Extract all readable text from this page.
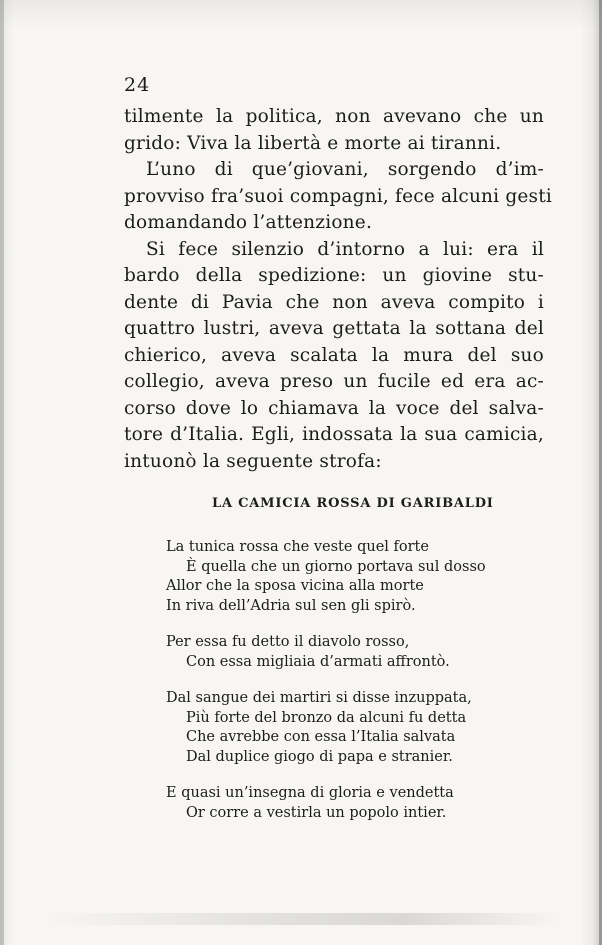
24

tilmente la politica, non avevano che un
grido: Viva la libertà e morte ai tiranni.

L’uno di que’giovani, sorgendo d’im-
provviso fra’suoi compagni, fece alcuni gesti
domandando l’attenzione.

Si fece silenzio d’intorno a lui: era il
bardo della spedizione: un giovine stu-
dente di Pavia che non aveva compito i
quattro lustri, aveva gettata la sottana del
chierico, aveva scalata la mura del suo
collegio, aveva preso un fucile ed era ac-
corso dove lo chiamava la voce del salva-
tore d’Italia. Egli, indossata la sua camicia,
intuonò la seguente strofa:

LA CAMICIA ROSSA DI GARIBALDI
La tunica rossa che veste quel forte
È quella che un giorno portava sul dosso
Allor che la sposa vicina alla morte
In riva dell’Adria sul sen gli spirò.
Per essa fu detto il diavolo rosso,
Con essa migliaia d’armati affrontò.
Dal sangue dei martiri si disse inzuppata,
Più forte del bronzo da alcuni fu detta
Che avrebbe con essa l’Italia salvata
Dal duplice giogo di papa e stranier.
E quasi un’insegna di gloria e vendetta
Or corre a vestirla un popolo intier.
